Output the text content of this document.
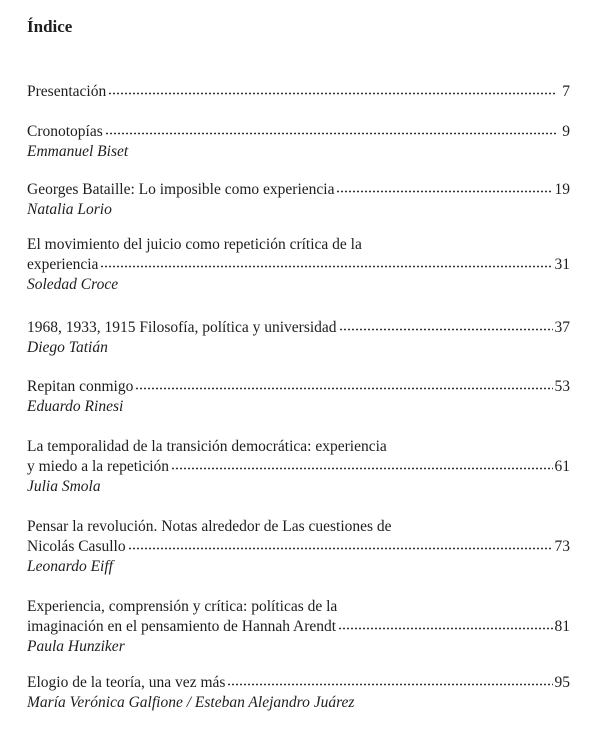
Índice
Presentación	7
Cronotopías	9
Emmanuel Biset
Georges Bataille: Lo imposible como experiencia	19
Natalia Lorio
El movimiento del juicio como repetición crítica de la
experiencia	31
Soledad Croce
1968, 1933, 1915 Filosofía, política y universidad	37
Diego Tatián
Repitan conmigo	53
Eduardo Rinesi
La temporalidad de la transición democrática: experiencia
y miedo a la repetición	61
Julia Smola
Pensar la revolución. Notas alrededor de Las cuestiones de
Nicolás Casullo	73
Leonardo Eiff
Experiencia, comprensión y crítica: políticas de la
imaginación en el pensamiento de Hannah Arendt	81
Paula Hunziker
Elogio de la teoría, una vez más	95
María Verónica Galfione / Esteban Alejandro Juárez
